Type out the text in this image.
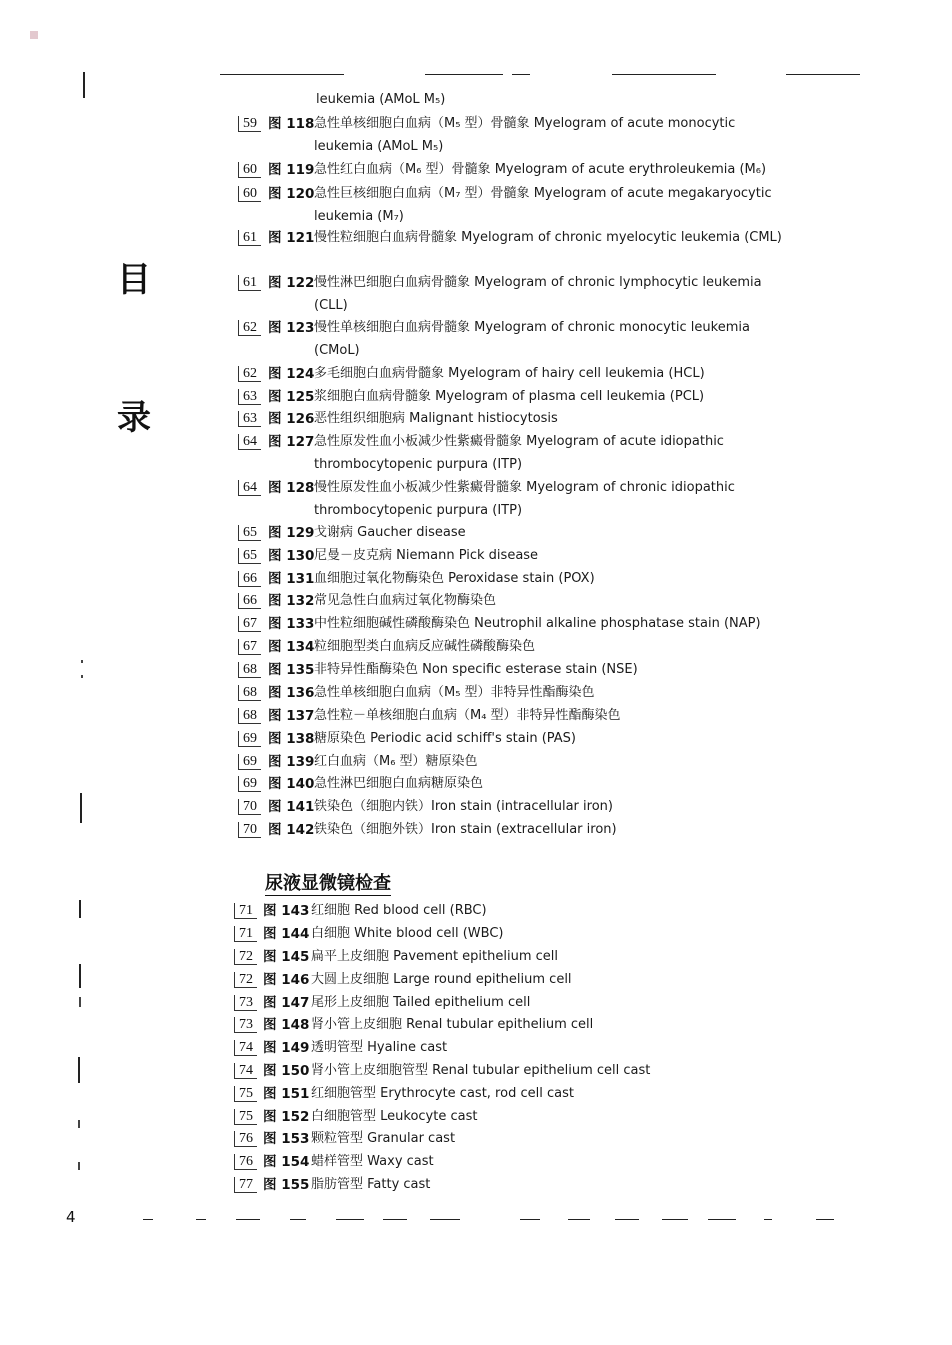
目
录
leukemia (AMoL M₅)
59 图 118 急性单核细胞白血病（M₅ 型）骨髓象 Myelogram of acute monocytic leukemia (AMoL M₅)
60 图 119 急性红白血病（M₆ 型）骨髓象 Myelogram of acute erythroleukemia (M₆)
60 图 120 急性巨核细胞白血病（M₇ 型）骨髓象 Myelogram of acute megakaryocytic leukemia (M₇)
61 图 121 慢性粒细胞白血病骨髓象 Myelogram of chronic myelocytic leukemia (CML)
61 图 122 慢性淋巴细胞白血病骨髓象 Myelogram of chronic lymphocytic leukemia (CLL)
62 图 123 慢性单核细胞白血病骨髓象 Myelogram of chronic monocytic leukemia (CMoL)
62 图 124 多毛细胞白血病骨髓象 Myelogram of hairy cell leukemia (HCL)
63 图 125 浆细胞白血病骨髓象 Myelogram of plasma cell leukemia (PCL)
63 图 126 恶性组织细胞病 Malignant histiocytosis
64 图 127 急性原发性血小板减少性紫癜骨髓象 Myelogram of acute idiopathic thrombocytopenic purpura (ITP)
64 图 128 慢性原发性血小板减少性紫癜骨髓象 Myelogram of chronic idiopathic thrombocytopenic purpura (ITP)
65 图 129 戈谢病 Gaucher disease
65 图 130 尼曼－皮克病 Niemann Pick disease
66 图 131 血细胞过氧化物酶染色 Peroxidase stain (POX)
66 图 132 常见急性白血病过氧化物酶染色
67 图 133 中性粒细胞碱性磷酸酶染色 Neutrophil alkaline phosphatase stain (NAP)
67 图 134 粒细胞型类白血病反应碱性磷酸酶染色
68 图 135 非特异性酯酶染色 Non specific esterase stain (NSE)
68 图 136 急性单核细胞白血病（M₅ 型）非特异性酯酶染色
68 图 137 急性粒－单核细胞白血病（M₄ 型）非特异性酯酶染色
69 图 138 糖原染色 Periodic acid schiff's stain (PAS)
69 图 139 红白血病（M₆ 型）糖原染色
69 图 140 急性淋巴细胞白血病糖原染色
70 图 141 铁染色（细胞内铁）Iron stain (intracellular iron)
70 图 142 铁染色（细胞外铁）Iron stain (extracellular iron)
尿液显微镜检查
71 图 143 红细胞 Red blood cell (RBC)
71 图 144 白细胞 White blood cell (WBC)
72 图 145 扁平上皮细胞 Pavement epithelium cell
72 图 146 大圆上皮细胞 Large round epithelium cell
73 图 147 尾形上皮细胞 Tailed epithelium cell
73 图 148 肾小管上皮细胞 Renal tubular epithelium cell
74 图 149 透明管型 Hyaline cast
74 图 150 肾小管上皮细胞管型 Renal tubular epithelium cell cast
75 图 151 红细胞管型 Erythrocyte cast, rod cell cast
75 图 152 白细胞管型 Leukocyte cast
76 图 153 颗粒管型 Granular cast
76 图 154 蜡样管型 Waxy cast
77 图 155 脂肪管型 Fatty cast
4
